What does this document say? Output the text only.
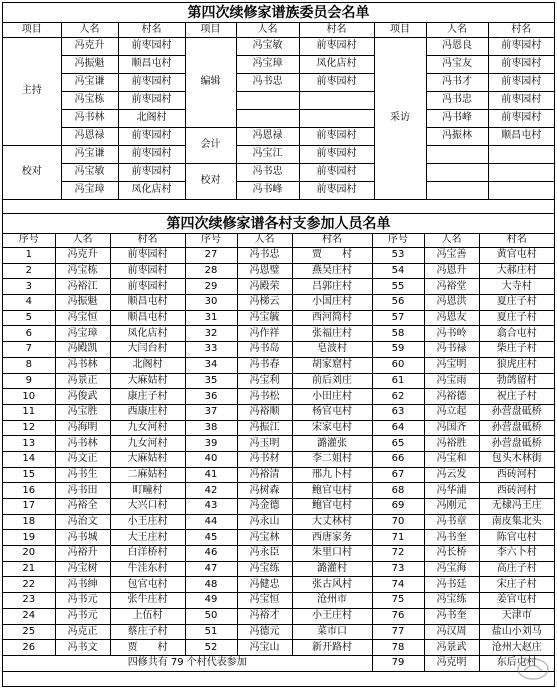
第四次续修家谱族委员会名单
项目	人名	村名	项目	人名	村名	项目	人名	村名
主持	冯克升	前枣园村	编辑	冯宝敏	前枣园村	采访	冯恩良	前枣园村
	冯振魁	顺昌屯村		冯宝璋	凤化店村		冯宝友	前枣园村
	冯宝谦	前枣园村		冯书忠	前枣园村		冯书才	前枣园村
	冯宝栋	前枣园村					冯书忠	前枣园村
	冯书林	北阁村					冯书峰	前枣园村
	冯恩禄	前枣园村	会计	冯恩禄	前枣园村		冯振林	顺昌屯村
校对	冯宝谦	前枣园村		冯宝江	前枣园村			
	冯宝敏	前枣园村	校对	冯书忠	前枣园村			
	冯宝璋	凤化店村		冯书峰	前枣园村			
第四次续修家谱各村支参加人员名单
序号	人名	村名	序号	人名	村名	序号	人名	村名
1	冯克升	前枣园村	27	冯书忠	贾　　村	53	冯宝善	黄官屯村
2	冯宝栋	前枣园村	28	冯恩璧	燕吴庄村	54	冯恩升	大郝庄村
3	冯裕江	前枣园村	29	冯殿荣	吕郭庄村	55	冯裕堂	大寺村
4	冯振魁	顺昌屯村	30	冯梯云	小国庄村	56	冯恩洪	夏庄子村
5	冯宝恒	顺昌屯村	31	冯宝毓	西河简村	57	冯恩友	夏庄子村
6	冯宝璋	凤化店村	32	冯作祥	张福庄村	58	冯书岭	翕合屯村
7	冯殿凯	大闫台村	33	冯书岛	皂波村	59	冯书禄	柴庄子村
8	冯书林	北阁村	34	冯书春	胡家窟村	60	冯宝明	狼虎庄村
9	冯景正	大麻姑村	35	冯宝利	前后刘庄	61	冯宝雨	勃鸽留村
10	冯俊武	康庄子村	36	冯书松	小田庄村	62	冯裕德	祝庄子村
11	冯宝胜	西康庄村	37	冯裕顺	杨官屯村	63	冯立起	孙营盘砥桥
12	冯海明	九女河村	38	冯振江	宋家屯村	64	冯国齐	孙营盘砥桥
13	冯书林	九女河村	39	冯玉明	潞灌张	65	冯裕胜	孙营盘砥桥
14	冯文正	大麻姑村	40	冯书材	李二姐村	66	冯宝和	包头木林街
15	冯书生	二麻姑村	41	冯裕清	邢九卜村	67	冯云发	西砖河村
16	冯书田	町疃村	42	冯树森	鲍官屯村	68	冯华浦	西砖河村
17	冯裕全	大兴口村	43	冯金德	鲍官屯村	69	冯刚元	无棣冯王庄
18	冯治文	小王庄村	44	冯永山	大丈林村	70	冯书章	南皮集北头
19	冯书城	大王庄村	45	冯宝林	西唐家务	71	冯书奎	陈官屯村
20	冯裕升	白洋桥村	46	冯永臣	朱里口村	72	冯长桥	李六卜村
21	冯宝树	牛洼东村	47	冯宝练	潞灌村	73	冯宝海	高庄子村
22	冯书绅	包官屯村	48	冯健忠	张古风村	74	冯书廷	宋庄子村
23	冯书元	张牛庄村	49	冯宝恒	沧州市	75	冯宝练	姜官屯村
24	冯书元	上伍村	50	冯裕才	小王庄村	76	冯书奎	天津市
25	冯克正	蔡庄子村	51	冯德元	菜市口	77	冯汉周	盐山小刘马
26	冯书文	贾　　村	52	冯宝山	新开路村	78	冯景武	沧州大赵庄
四修共有 79 个村代表参加						79	冯克明	东后屯村
